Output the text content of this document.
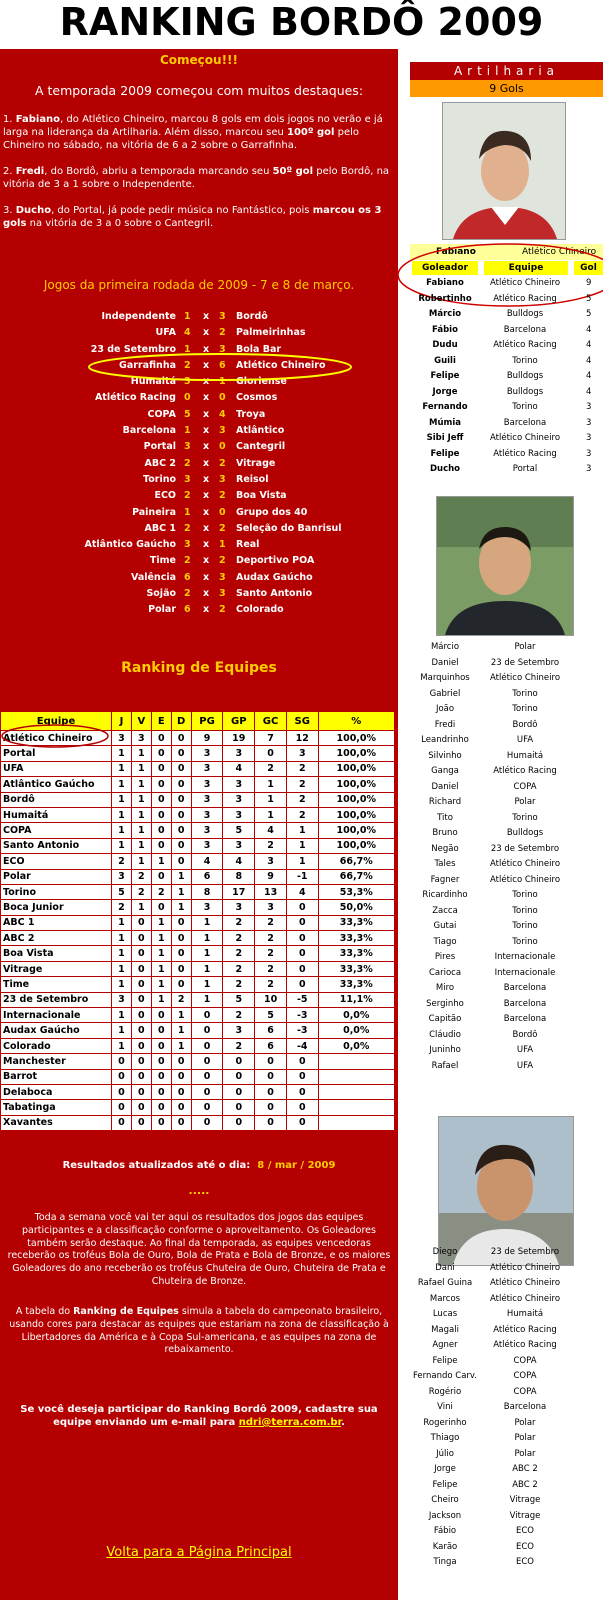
RANKING BORDÔ 2009
Começou!!!
A temporada 2009 começou com muitos destaques:

1. Fabiano, do Atlético Chineiro, marcou 8 gols em dois jogos no verão e já larga na liderança da Artilharia. Além disso, marcou seu 100º gol pelo Chineiro no sábado, na vitória de 6 a 2 sobre o Garrafinha.

2. Fredi, do Bordô, abriu a temporada marcando seu 50º gol pelo Bordô, na vitória de 3 a 1 sobre o Independente.

3. Ducho, do Portal, já pode pedir música no Fantástico, pois marcou os 3 gols na vitória de 3 a 0 sobre o Cantegril.

Jogos da primeira rodada de 2009 - 7 e 8 de março.
Independente 1 x 3 Bordô
UFA 4 x 2 Palmeirinhas
23 de Setembro 1 x 3 Bola Bar
Garrafinha 2 x 6 Atlético Chineiro
Humaitá 3 x 1 Gloriense
Atlético Racing 0 x 0 Cosmos
COPA 5 x 4 Troya
Barcelona 1 x 3 Atlântico
Portal 3 x 0 Cantegril
ABC 2 2 x 2 Vitrage
Torino 3 x 3 Reisol
ECO 2 x 2 Boa Vista
Paineira 1 x 0 Grupo dos 40
ABC 1 2 x 2 Seleção do Banrisul
Atlântico Gaúcho 3 x 1 Real
Time 2 x 2 Deportivo POA
Valência 6 x 3 Audax Gaúcho
Sojão 2 x 3 Santo Antonio
Polar 6 x 2 Colorado
Ranking de Equipes
Equipe	J	V	E	D	PG	GP	GC	SG	%
Atlético Chineiro	3	3	0	0	9	19	7	12	100,0%
Portal	1	1	0	0	3	3	0	3	100,0%
UFA	1	1	0	0	3	4	2	2	100,0%
Atlântico Gaúcho	1	1	0	0	3	3	1	2	100,0%
Bordô	1	1	0	0	3	3	1	2	100,0%
Humaitá	1	1	0	0	3	3	1	2	100,0%
COPA	1	1	0	0	3	5	4	1	100,0%
Santo Antonio	1	1	0	0	3	3	2	1	100,0%
ECO	2	1	1	0	4	4	3	1	66,7%
Polar	3	2	0	1	6	8	9	-1	66,7%
Torino	5	2	2	1	8	17	13	4	53,3%
Boca Junior	2	1	0	1	3	3	3	0	50,0%
ABC 1	1	0	1	0	1	2	2	0	33,3%
ABC 2	1	0	1	0	1	2	2	0	33,3%
Boa Vista	1	0	1	0	1	2	2	0	33,3%
Vitrage	1	0	1	0	1	2	2	0	33,3%
Time	1	0	1	0	1	2	2	0	33,3%
23 de Setembro	3	0	1	2	1	5	10	-5	11,1%
Internacionale	1	0	0	1	0	2	5	-3	0,0%
Audax Gaúcho	1	0	0	1	0	3	6	-3	0,0%
Colorado	1	0	0	1	0	2	6	-4	0,0%
Manchester	0	0	0	0	0	0	0	0	
Barrot	0	0	0	0	0	0	0	0	
Delaboca	0	0	0	0	0	0	0	0	
Tabatinga	0	0	0	0	0	0	0	0	
Xavantes	0	0	0	0	0	0	0	0	
Resultados atualizados até o dia: 8 / mar / 2009
.....
Toda a semana você vai ter aqui os resultados dos jogos das equipes participantes e a classificação conforme o aproveitamento. Os Goleadores também serão destaque. Ao final da temporada, as equipes vencedoras receberão os troféus Bola de Ouro, Bola de Prata e Bola de Bronze, e os maiores Goleadores do ano receberão os troféus Chuteira de Ouro, Chuteira de Prata e Chuteira de Bronze.
A tabela do Ranking de Equipes simula a tabela do campeonato brasileiro, usando cores para destacar as equipes que estariam na zona de classificação à Libertadores da América e à Copa Sul-americana, e as equipes na zona de rebaixamento.
Se você deseja participar do Ranking Bordô 2009, cadastre sua equipe enviando um e-mail para ndri@terra.com.br.
Volta para a Página Principal
Artilharia
9 Gols
Fabiano	Atlético Chineiro
Goleador	Equipe	Gol
Fabiano	Atlético Chineiro	9
Robertinho	Atlético Racing	5
Márcio	Bulldogs	5
Fábio	Barcelona	4
Dudu	Atlético Racing	4
Guili	Torino	4
Felipe	Bulldogs	4
Jorge	Bulldogs	4
Fernando	Torino	3
Múmia	Barcelona	3
Sibi Jeff	Atlético Chineiro	3
Felipe	Atlético Racing	3
Ducho	Portal	3
Márcio	Polar
Daniel	23 de Setembro
Marquinhos	Atlético Chineiro
Gabriel	Torino
João	Torino
Fredi	Bordô
Leandrinho	UFA
Silvinho	Humaitá
Ganga	Atlético Racing
Daniel	COPA
Richard	Polar
Tito	Torino
Bruno	Bulldogs
Negão	23 de Setembro
Tales	Atlético Chineiro
Fagner	Atlético Chineiro
Ricardinho	Torino
Zacca	Torino
Gutai	Torino
Tiago	Torino
Pires	Internacionale
Carioca	Internacionale
Miro	Barcelona
Serginho	Barcelona
Capitão	Barcelona
Cláudio	Bordô
Juninho	UFA
Rafael	UFA
Diego	23 de Setembro
Dani	Atlético Chineiro
Rafael Guina	Atlético Chineiro
Marcos	Atlético Chineiro
Lucas	Humaitá
Magali	Atlético Racing
Agner	Atlético Racing
Felipe	COPA
Fernando Carv.	COPA
Rogério	COPA
Vini	Barcelona
Rogerinho	Polar
Thiago	Polar
Júlio	Polar
Jorge	ABC 2
Felipe	ABC 2
Cheiro	Vitrage
Jackson	Vitrage
Fábio	ECO
Karão	ECO
Tinga	ECO
